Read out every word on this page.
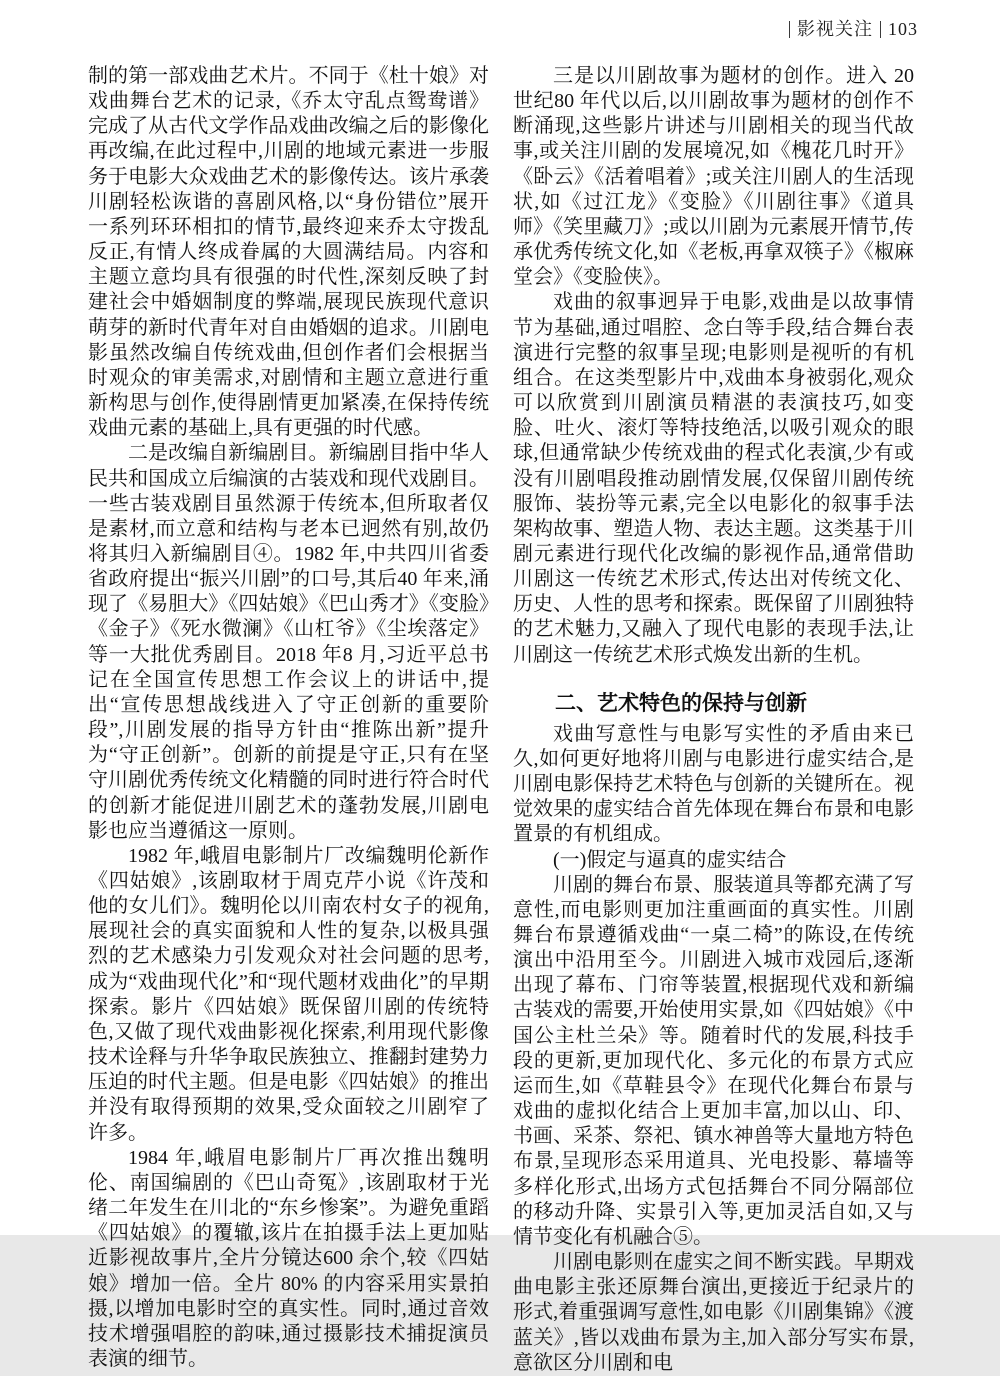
影视关注 103

制的第一部戏曲艺术片。不同于《杜十娘》对戏曲舞台艺术的记录,《乔太守乱点鸳鸯谱》完成了从古代文学作品戏曲改编之后的影像化再改编,在此过程中,川剧的地域元素进一步服务于电影大众戏曲艺术的影像传达。该片承袭川剧轻松诙谐的喜剧风格,以“身份错位”展开一系列环环相扣的情节,最终迎来乔太守拨乱反正,有情人终成眷属的大圆满结局。内容和主题立意均具有很强的时代性,深刻反映了封建社会中婚姻制度的弊端,展现民族现代意识萌芽的新时代青年对自由婚姻的追求。川剧电影虽然改编自传统戏曲,但创作者们会根据当时观众的审美需求,对剧情和主题立意进行重新构思与创作,使得剧情更加紧凑,在保持传统戏曲元素的基础上,具有更强的时代感。

二是改编自新编剧目。新编剧目指中华人民共和国成立后编演的古装戏和现代戏剧目。一些古装戏剧目虽然源于传统本,但所取者仅是素材,而立意和结构与老本已迥然有别,故仍将其归入新编剧目④。1982 年,中共四川省委省政府提出“振兴川剧”的口号,其后40 年来,涌现了《易胆大》《四姑娘》《巴山秀才》《变脸》《金子》《死水微澜》《山杠爷》《尘埃落定》等一大批优秀剧目。2018 年8 月,习近平总书记在全国宣传思想工作会议上的讲话中,提出“宣传思想战线进入了守正创新的重要阶段”,川剧发展的指导方针由“推陈出新”提升为“守正创新”。创新的前提是守正,只有在坚守川剧优秀传统文化精髓的同时进行符合时代的创新才能促进川剧艺术的蓬勃发展,川剧电影也应当遵循这一原则。

1982 年,峨眉电影制片厂改编魏明伦新作《四姑娘》,该剧取材于周克芹小说《许茂和他的女儿们》。魏明伦以川南农村女子的视角,展现社会的真实面貌和人性的复杂,以极具强烈的艺术感染力引发观众对社会问题的思考,成为“戏曲现代化”和“现代题材戏曲化”的早期探索。影片《四姑娘》既保留川剧的传统特色,又做了现代戏曲影视化探索,利用现代影像技术诠释与升华争取民族独立、推翻封建势力压迫的时代主题。但是电影《四姑娘》的推出并没有取得预期的效果,受众面较之川剧窄了许多。

1984 年,峨眉电影制片厂再次推出魏明伦、南国编剧的《巴山奇冤》,该剧取材于光绪二年发生在川北的“东乡惨案”。为避免重蹈《四姑娘》的覆辙,该片在拍摄手法上更加贴近影视故事片,全片分镜达600 余个,较《四姑娘》增加一倍。全片 80% 的内容采用实景拍摄,以增加电影时空的真实性。同时,通过音效技术增强唱腔的韵味,通过摄影技术捕捉演员表演的细节。

三是以川剧故事为题材的创作。进入 20 世纪80 年代以后,以川剧故事为题材的创作不断涌现,这些影片讲述与川剧相关的现当代故事,或关注川剧的发展境况,如《槐花几时开》《卧云》《活着唱着》;或关注川剧人的生活现状,如《过江龙》《变脸》《川剧往事》《道具师》《笑里藏刀》;或以川剧为元素展开情节,传承优秀传统文化,如《老板,再拿双筷子》《椒麻堂会》《变脸侠》。

戏曲的叙事迥异于电影,戏曲是以故事情节为基础,通过唱腔、念白等手段,结合舞台表演进行完整的叙事呈现;电影则是视听的有机组合。在这类型影片中,戏曲本身被弱化,观众可以欣赏到川剧演员精湛的表演技巧,如变脸、吐火、滚灯等特技绝活,以吸引观众的眼球,但通常缺少传统戏曲的程式化表演,少有或没有川剧唱段推动剧情发展,仅保留川剧传统服饰、装扮等元素,完全以电影化的叙事手法架构故事、塑造人物、表达主题。这类基于川剧元素进行现代化改编的影视作品,通常借助川剧这一传统艺术形式,传达出对传统文化、历史、人性的思考和探索。既保留了川剧独特的艺术魅力,又融入了现代电影的表现手法,让川剧这一传统艺术形式焕发出新的生机。

二、艺术特色的保持与创新

戏曲写意性与电影写实性的矛盾由来已久,如何更好地将川剧与电影进行虚实结合,是川剧电影保持艺术特色与创新的关键所在。视觉效果的虚实结合首先体现在舞台布景和电影置景的有机组成。

(一)假定与逼真的虚实结合

川剧的舞台布景、服装道具等都充满了写意性,而电影则更加注重画面的真实性。川剧舞台布景遵循戏曲“一桌二椅”的陈设,在传统演出中沿用至今。川剧进入城市戏园后,逐渐出现了幕布、门帘等装置,根据现代戏和新编古装戏的需要,开始使用实景,如《四姑娘》《中国公主杜兰朵》等。随着时代的发展,科技手段的更新,更加现代化、多元化的布景方式应运而生,如《草鞋县令》在现代化舞台布景与戏曲的虚拟化结合上更加丰富,加以山、印、书画、采茶、祭祀、镇水神兽等大量地方特色布景,呈现形态采用道具、光电投影、幕墙等多样化形式,出场方式包括舞台不同分隔部位的移动升降、实景引入等,更加灵活自如,又与情节变化有机融合⑤。

川剧电影则在虚实之间不断实践。早期戏曲电影主张还原舞台演出,更接近于纪录片的形式,着重强调写意性,如电影《川剧集锦》《渡蓝关》,皆以戏曲布景为主,加入部分写实布景,意欲区分川剧和电
